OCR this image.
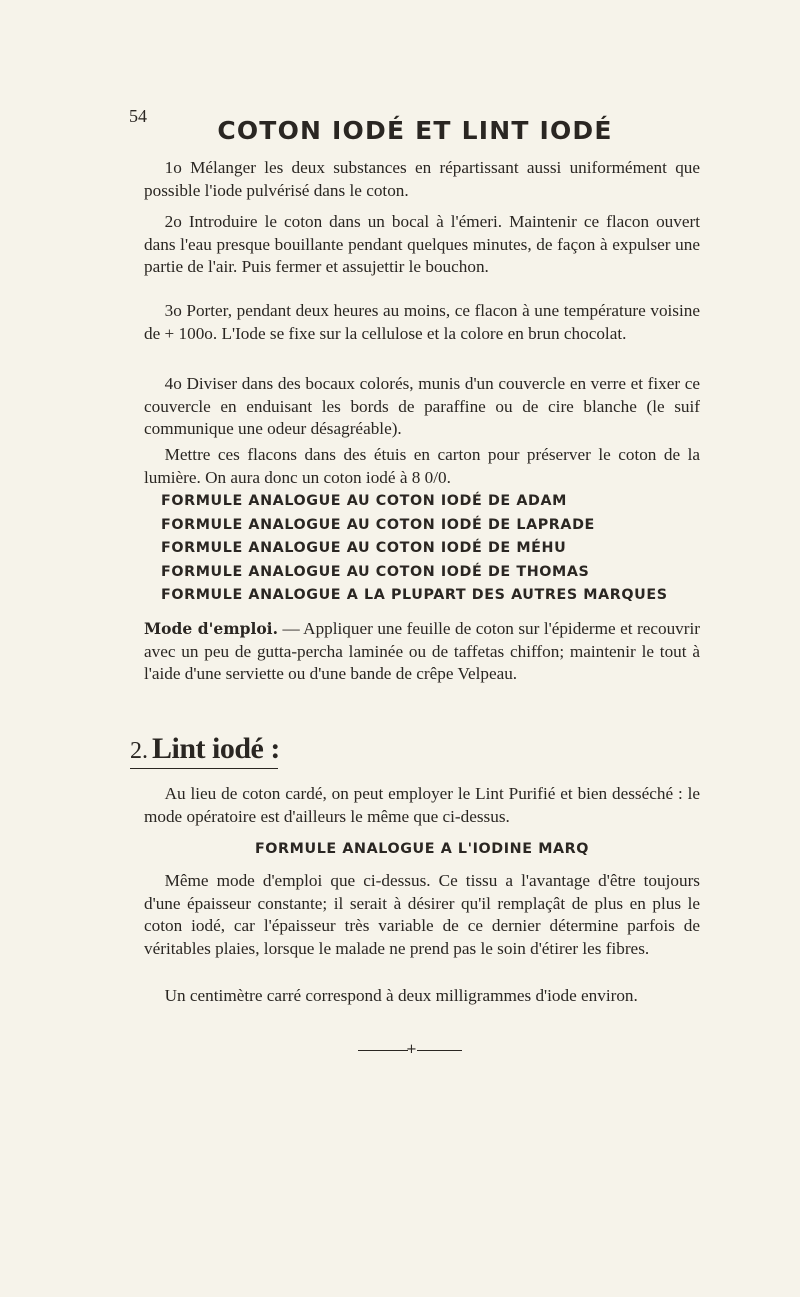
54	COTON IODÉ ET LINT IODÉ

1o Mélanger les deux substances en répartissant aussi uniformément que possible l'iode pulvérisé dans le coton.

2o Introduire le coton dans un bocal à l'émeri. Maintenir ce flacon ouvert dans l'eau presque bouillante pendant quelques minutes, de façon à expulser une partie de l'air. Puis fermer et assujettir le bouchon.

3o Porter, pendant deux heures au moins, ce flacon à une température voisine de + 100o. L'Iode se fixe sur la cellulose et la colore en brun chocolat.

4o Diviser dans des bocaux colorés, munis d'un couvercle en verre et fixer ce couvercle en enduisant les bords de paraffine ou de cire blanche (le suif communique une odeur désagréable).

Mettre ces flacons dans des étuis en carton pour préserver le coton de la lumière. On aura donc un coton iodé à 8 0/0.

FORMULE ANALOGUE AU COTON IODÉ DE ADAM
FORMULE ANALOGUE AU COTON IODÉ DE LAPRADE
FORMULE ANALOGUE AU COTON IODÉ DE MÉHU
FORMULE ANALOGUE AU COTON IODÉ DE THOMAS
FORMULE ANALOGUE A LA PLUPART DES AUTRES MARQUES

Mode d'emploi. — Appliquer une feuille de coton sur l'épiderme et recouvrir avec un peu de gutta-percha laminée ou de taffetas chiffon; maintenir le tout à l'aide d'une serviette ou d'une bande de crêpe Velpeau.

2. Lint iodé :

Au lieu de coton cardé, on peut employer le Lint Purifié et bien desséché : le mode opératoire est d'ailleurs le même que ci-dessus.

FORMULE ANALOGUE A L'IODINE MARQ

Même mode d'emploi que ci-dessus. Ce tissu a l'avantage d'être toujours d'une épaisseur constante; il serait à désirer qu'il remplaçât de plus en plus le coton iodé, car l'épaisseur très variable de ce dernier détermine parfois de véritables plaies, lorsque le malade ne prend pas le soin d'étirer les fibres.

Un centimètre carré correspond à deux milligrammes d'iode environ.

+
